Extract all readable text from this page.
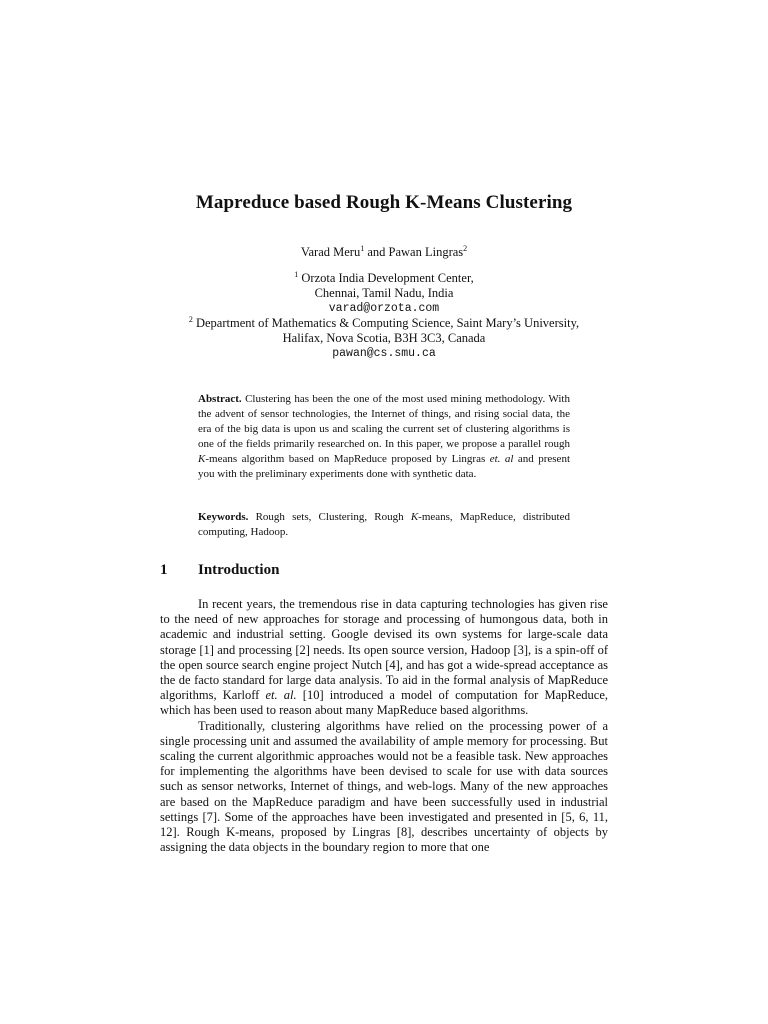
Mapreduce based Rough K-Means Clustering
Varad Meru$^1$ and Pawan Lingras$^2$
$^1$ Orzota India Development Center,
Chennai, Tamil Nadu, India
varad@orzota.com
$^2$ Department of Mathematics & Computing Science, Saint Mary’s University,
Halifax, Nova Scotia, B3H 3C3, Canada
pawan@cs.smu.ca
Abstract. Clustering has been the one of the most used mining methodology. With the advent of sensor technologies, the Internet of things, and rising social data, the era of the big data is upon us and scaling the current set of clustering algorithms is one of the fields primarily researched on. In this paper, we propose a parallel rough K-means algorithm based on MapReduce proposed by Lingras et. al and present you with the preliminary experiments done with synthetic data.
Keywords. Rough sets, Clustering, Rough K-means, MapReduce, distributed computing, Hadoop.
1 Introduction

In recent years, the tremendous rise in data capturing technologies has given rise to the need of new approaches for storage and processing of humongous data, both in academic and industrial setting. Google devised its own systems for large-scale data storage [1] and processing [2] needs. Its open source version, Hadoop [3], is a spin-off of the open source search engine project Nutch [4], and has got a wide-spread acceptance as the de facto standard for large data analysis. To aid in the formal analysis of MapReduce algorithms, Karloff et. al. [10] introduced a model of computation for MapReduce, which has been used to reason about many MapReduce based algorithms.

Traditionally, clustering algorithms have relied on the processing power of a single processing unit and assumed the availability of ample memory for processing. But scaling the current algorithmic approaches would not be a feasible task. New approaches for implementing the algorithms have been devised to scale for use with data sources such as sensor networks, Internet of things, and web-logs. Many of the new approaches are based on the MapReduce paradigm and have been successfully used in industrial settings [7]. Some of the approaches have been investigated and presented in [5, 6, 11, 12]. Rough K-means, proposed by Lingras [8], describes uncertainty of objects by assigning the data objects in the boundary region to more that one
